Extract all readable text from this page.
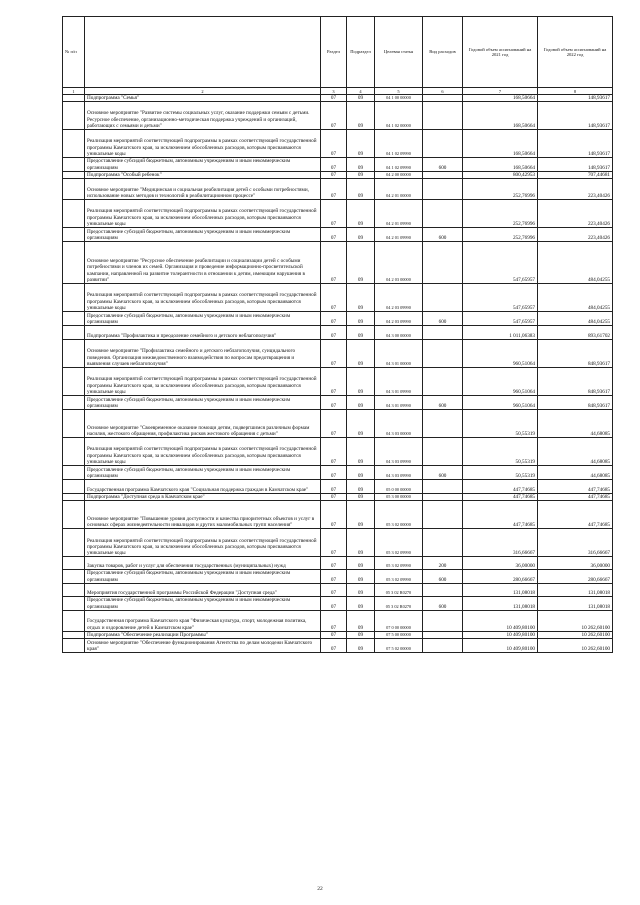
№ п/п		Раздел	Подраздел	Целевая статья	Вид расходов	Годовой объем ассигнований на 2021 год	Годовой объем ассигнований на 2022 год
1	2	3	4	5	6	7	8
	Подпрограмма "Семья"	07	09	04 1 00 00000		168,50664	148,93617
	Основное мероприятие "Развитие системы социальных услуг, оказание поддержки семьям с детьми. Ресурсное обеспечение, организационно-методическая поддержка учреждений и организаций, работающих с семьями и детьми"	07	09	04 1 02 00000		168,50664	148,93617
	Реализация мероприятий соответствующей подпрограммы в рамках соответствующей государственной программы Камчатского края, за исключением обособленных расходов, которым присваиваются уникальные коды	07	09	04 1 02 09990		168,50664	148,93617
	Предоставление субсидий бюджетным, автономным учреждениям и иным некоммерческим организациям	07	09	04 1 02 09990	600	168,50664	148,93617
	Подпрограмма "Особый ребенок"	07	09	04 2 00 00000		800,42953	707,44681
	Основное мероприятие "Медицинская и социальная реабилитация детей с особыми потребностями, использование новых методов и технологий в реабилитационном процессе"	07	09	04 2 01 00000		252,76996	223,40426
	Реализация мероприятий соответствующей подпрограммы в рамках соответствующей государственной программы Камчатского края, за исключением обособленных расходов, которым присваиваются уникальные коды	07	09	04 2 01 09990		252,76996	223,40426
	Предоставление субсидий бюджетным, автономным учреждениям и иным некоммерческим организациям	07	09	04 2 01 09990	600	252,76996	223,40426
	Основное мероприятие "Ресурсное обеспечение реабилитации и социализации детей с особыми потребностями и членов их семей. Организация и проведение информационно-просветительской кампании, направленной на развитие толерантности в отношении к детям, имеющим нарушения в развитии"	07	09	04 2 03 00000		547,65957	484,04255
	Реализация мероприятий соответствующей подпрограммы в рамках соответствующей государственной программы Камчатского края, за исключением обособленных расходов, которым присваиваются уникальные коды	07	09	04 2 03 09990		547,65957	484,04255
	Предоставление субсидий бюджетным, автономным учреждениям и иным некоммерческим организациям	07	09	04 2 03 09990	600	547,65957	484,04255
	Подпрограмма "Профилактика и преодоление семейного и детского неблагополучия"	07	09	04 3 00 00000		1 011,06383	893,61702
	Основное мероприятие "Профилактика семейного и детского неблагополучия, суицидального поведения. Организация межведомственного взаимодействия по вопросам предотвращения и выявления случаев неблагополучия"	07	09	04 3 01 00000		960,51064	848,93617
	Реализация мероприятий соответствующей подпрограммы в рамках соответствующей государственной программы Камчатского края, за исключением обособленных расходов, которым присваиваются уникальные коды	07	09	04 3 01 09990		960,51064	848,93617
	Предоставление субсидий бюджетным, автономным учреждениям и иным некоммерческим организациям	07	09	04 3 01 09990	600	960,51064	848,93617
	Основное мероприятие "Своевременное оказание помощи детям, подвергшимся различным формам насилия, жестокого обращения, профилактика рисков жестокого обращения с детьми"	07	09	04 3 03 00000		50,55319	44,68085
	Реализация мероприятий соответствующей подпрограммы в рамках соответствующей государственной программы Камчатского края, за исключением обособленных расходов, которым присваиваются уникальные коды	07	09	04 3 03 09990		50,55319	44,68085
	Предоставление субсидий бюджетным, автономным учреждениям и иным некоммерческим организациям	07	09	04 3 03 09990	600	50,55319	44,68085
	Государственная программа Камчатского края "Социальная поддержка граждан в Камчатском крае"	07	09	05 0 00 00000		447,74685	447,74685
	Подпрограмма "Доступная среда в Камчатском крае"	07	09	05 3 00 00000		447,74685	447,74685
	Основное мероприятие "Повышение уровня доступности и качества приоритетных объектов и услуг в основных сферах жизнедеятельности инвалидов и других маломобильных групп населения"	07	09	05 3 02 00000		447,74685	447,74685
	Реализация мероприятий соответствующей подпрограммы в рамках соответствующей государственной программы Камчатского края, за исключением обособленных расходов, которым присваиваются уникальные коды	07	09	05 3 02 09990		316,66667	316,66667
	Закупка товаров, работ и услуг для обеспечения государственных (муниципальных) нужд	07	09	05 3 02 09990	200	36,00000	36,00000
	Предоставление субсидий бюджетным, автономным учреждениям и иным некоммерческим организациям	07	09	05 3 02 09990	600	280,66667	280,66667
	Мероприятия государственной программы Российской Федерации "Доступная среда"	07	09	05 3 02 R0270		131,08018	131,08018
	Предоставление субсидий бюджетным, автономным учреждениям и иным некоммерческим организациям	07	09	05 3 02 R0270	600	131,08018	131,08018
	Государственная программа Камчатского края "Физическая культура, спорт, молодежная политика, отдых и оздоровление детей в Камчатском крае"	07	09	07 0 00 00000		10 409,80100	10 262,60100
	Подпрограмма "Обеспечение реализации Программы"	07	09	07 5 00 00000		10 409,80100	10 262,60100
	Основное мероприятие "Обеспечение функционирования Агентства по делам молодежи Камчатского края"	07	09	07 5 02 00000		10 409,80100	10 262,60100
22
